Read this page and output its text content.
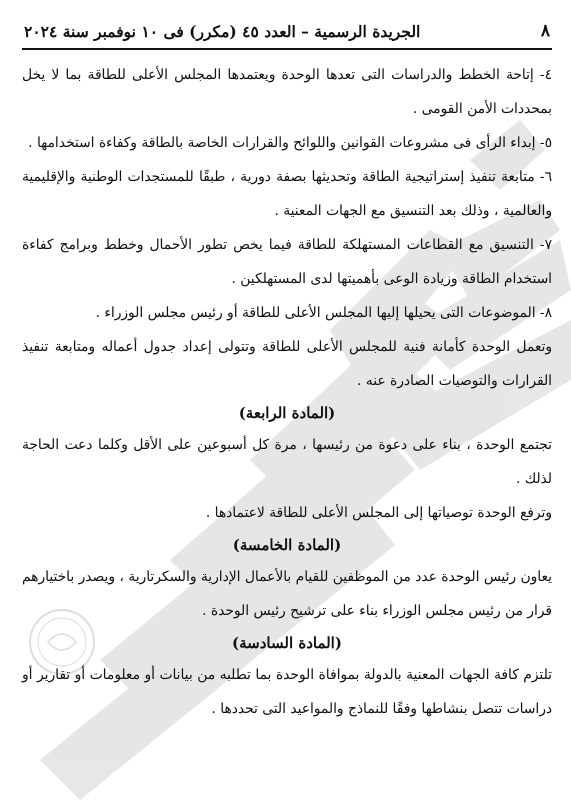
٨
الجريدة الرسمية – العدد ٤٥ (مكرر) فى ١٠ نوفمبر سنة ٢٠٢٤

٤- إتاحة الخطط والدراسات التى تعدها الوحدة ويعتمدها المجلس الأعلى للطاقة بما لا يخل بمحددات الأمن القومى .

٥- إبداء الرأى فى مشروعات القوانين واللوائح والقرارات الخاصة بالطاقة وكفاءة استخدامها .

٦- متابعة تنفيذ إستراتيجية الطاقة وتحديثها بصفة دورية ، طبقًا للمستجدات الوطنية والإقليمية والعالمية ، وذلك بعد التنسيق مع الجهات المعنية .

٧- التنسيق مع القطاعات المستهلكة للطاقة فيما يخص تطور الأحمال وخطط وبرامج كفاءة استخدام الطاقة وزيادة الوعى بأهميتها لدى المستهلكين .

٨- الموضوعات التى يحيلها إليها المجلس الأعلى للطاقة أو رئيس مجلس الوزراء .

وتعمل الوحدة كأمانة فنية للمجلس الأعلى للطاقة وتتولى إعداد جدول أعماله ومتابعة تنفيذ القرارات والتوصيات الصادرة عنه .

(المادة الرابعة)

تجتمع الوحدة ، بناء على دعوة من رئيسها ، مرة كل أسبوعين على الأقل وكلما دعت الحاجة لذلك .

وترفع الوحدة توصياتها إلى المجلس الأعلى للطاقة لاعتمادها .

(المادة الخامسة)

يعاون رئيس الوحدة عدد من الموظفين للقيام بالأعمال الإدارية والسكرتارية ، ويصدر باختيارهم قرار من رئيس مجلس الوزراء بناء على ترشيح رئيس الوحدة .

(المادة السادسة)

تلتزم كافة الجهات المعنية بالدولة بموافاة الوحدة بما تطلبه من بيانات أو معلومات أو تقارير أو دراسات تتصل بنشاطها وفقًا للنماذج والمواعيد التى تحددها .
